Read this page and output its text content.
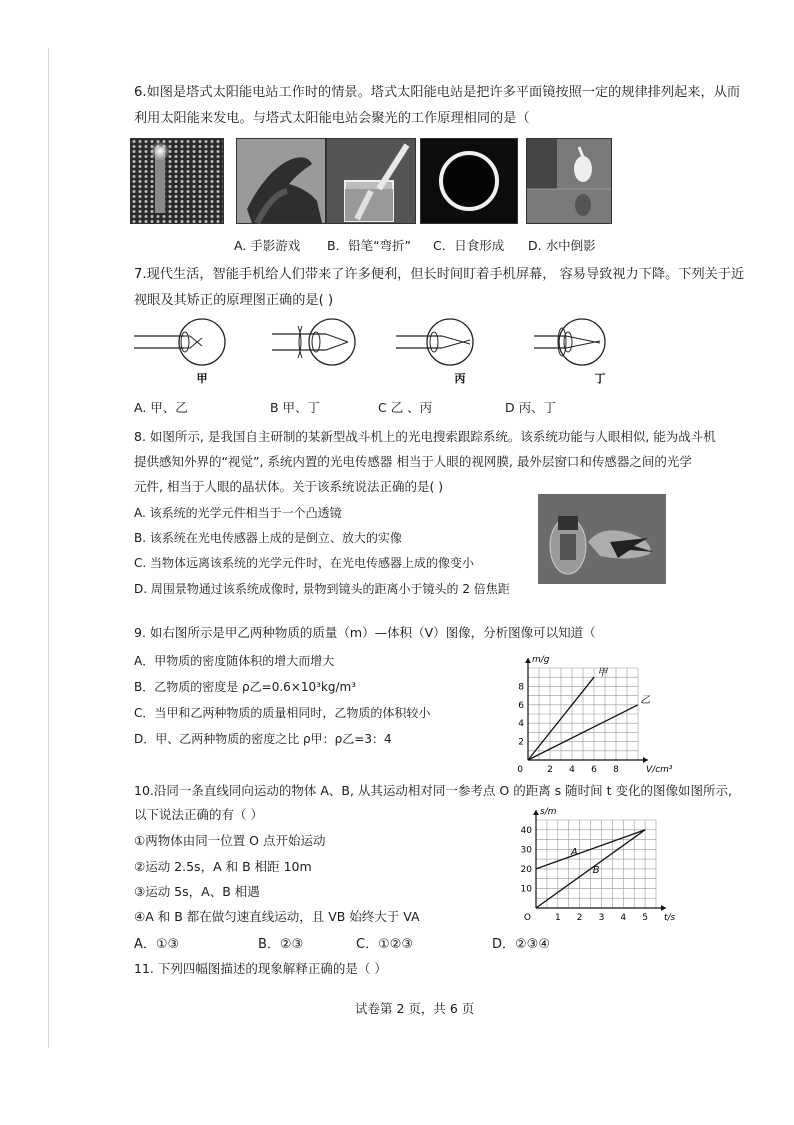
6.如图是塔式太阳能电站工作时的情景。塔式太阳能电站是把许多平面镜按照一定的规律排列起来，从而
利用太阳能来发电。与塔式太阳能电站会聚光的工作原理相同的是（
A. 手影游戏 B．铅笔“弯折” C．日食形成 D. 水中倒影
7.现代生活，智能手机给人们带来了许多便利，但长时间盯着手机屏幕， 容易导致视力下降。下列关于近
视眼及其矫正的原理图正确的是( )
丙	丁
甲
A. 甲、乙	B 甲、丁	C 乙 、丙	D 丙、丁
8. 如图所示, 是我国自主研制的某新型战斗机上的光电搜索跟踪系统。该系统功能与人眼相似, 能为战斗机
提供感知外界的“视觉”, 系统内置的光电传感器 相当于人眼的视网膜, 最外层窗口和传感器之间的光学
元件, 相当于人眼的晶状体。关于该系统说法正确的是( )
A. 该系统的光学元件相当于一个凸透镜
B. 该系统在光电传感器上成的是倒立、放大的实像
C. 当物体远离该系统的光学元件时，在光电传感器上成的像变小
D. 周围景物通过该系统成像时, 景物到镜头的距离小于镜头的 2 倍焦距
9. 如右图所示是甲乙两种物质的质量（m）—体积（V）图像，分析图像可以知道（
A．甲物质的密度随体积的增大而增大
B．乙物质的密度是 ρ乙=0.6×10³kg/m³
C．当甲和乙两种物质的质量相同时，乙物质的体积较小
D．甲、乙两种物质的密度之比 ρ甲：ρ乙=3：4
2 4 6 8
2
4
6
8
0	V/cm³
m/g
甲
乙
10.沿同一条直线同向运动的物体 A、B, 从其运动相对同一参考点 O 的距离 s 随时间 t 变化的图像如图所示,
以下说法正确的有（ ）
①两物体由同一位置 O 点开始运动
②运动 2.5s，A 和 B 相距 10m
③运动 5s，A、B 相遇
④A 和 B 都在做匀速直线运动，且 VB 始终大于 VA	1 2 3 4 5
10
20
30
40
O	t/s
s/m
A
B
A．①③	B．②③	C．①②③	D．②③④
11. 下列四幅图描述的现象解释正确的是（ ）
试卷第 2 页，共 6 页
